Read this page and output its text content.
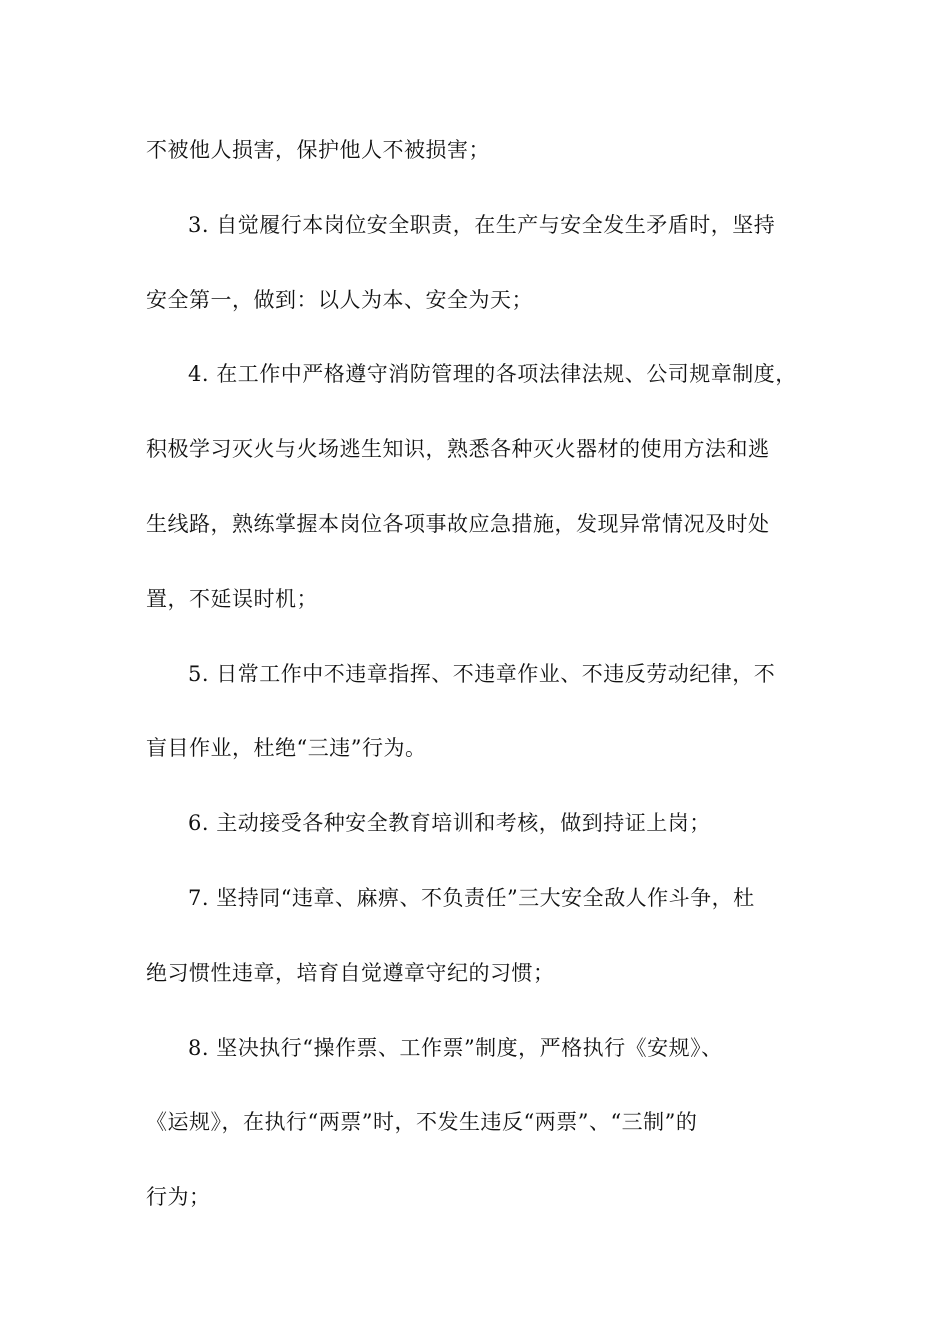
不被他人损害，保护他人不被损害；
3. 自觉履行本岗位安全职责，在生产与安全发生矛盾时，坚持
安全第一，做到：以人为本、安全为天；
4. 在工作中严格遵守消防管理的各项法律法规、公司规章制度，
积极学习灭火与火场逃生知识，熟悉各种灭火器材的使用方法和逃
生线路，熟练掌握本岗位各项事故应急措施，发现异常情况及时处
置，不延误时机；
5. 日常工作中不违章指挥、不违章作业、不违反劳动纪律，不
盲目作业，杜绝“三违”行为。
6. 主动接受各种安全教育培训和考核，做到持证上岗；
7. 坚持同“违章、麻痹、不负责任”三大安全敌人作斗争，杜
绝习惯性违章，培育自觉遵章守纪的习惯；
8. 坚决执行“操作票、工作票”制度，严格执行《安规》、
《运规》，在执行“两票”时，不发生违反“两票”、“三制”的
行为；
